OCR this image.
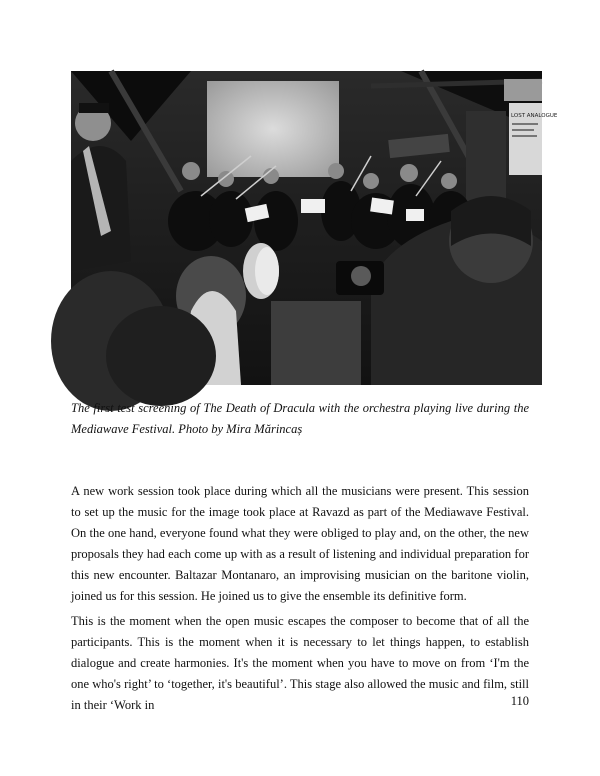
LOST ANALOGUE

The first test screening of The Death of Dracula with the orchestra playing live during the Mediawave Festival. Photo by Mira Mărincaș

A new work session took place during which all the musicians were present. This session to set up the music for the image took place at Ravazd as part of the Mediawave Festival. On the one hand, everyone found what they were obliged to play and, on the other, the new proposals they had each come up with as a result of listening and individual preparation for this new encounter. Baltazar Montanaro, an improvising musician on the baritone violin, joined us for this session. He joined us to give the ensemble its definitive form.

This is the moment when the open music escapes the composer to become that of all the participants. This is the moment when it is necessary to let things happen, to establish dialogue and create harmonies. It's the moment when you have to move on from ‘I'm the one who's right’ to ‘together, it's beautiful’. This stage also allowed the music and film, still in their ‘Work in	110
